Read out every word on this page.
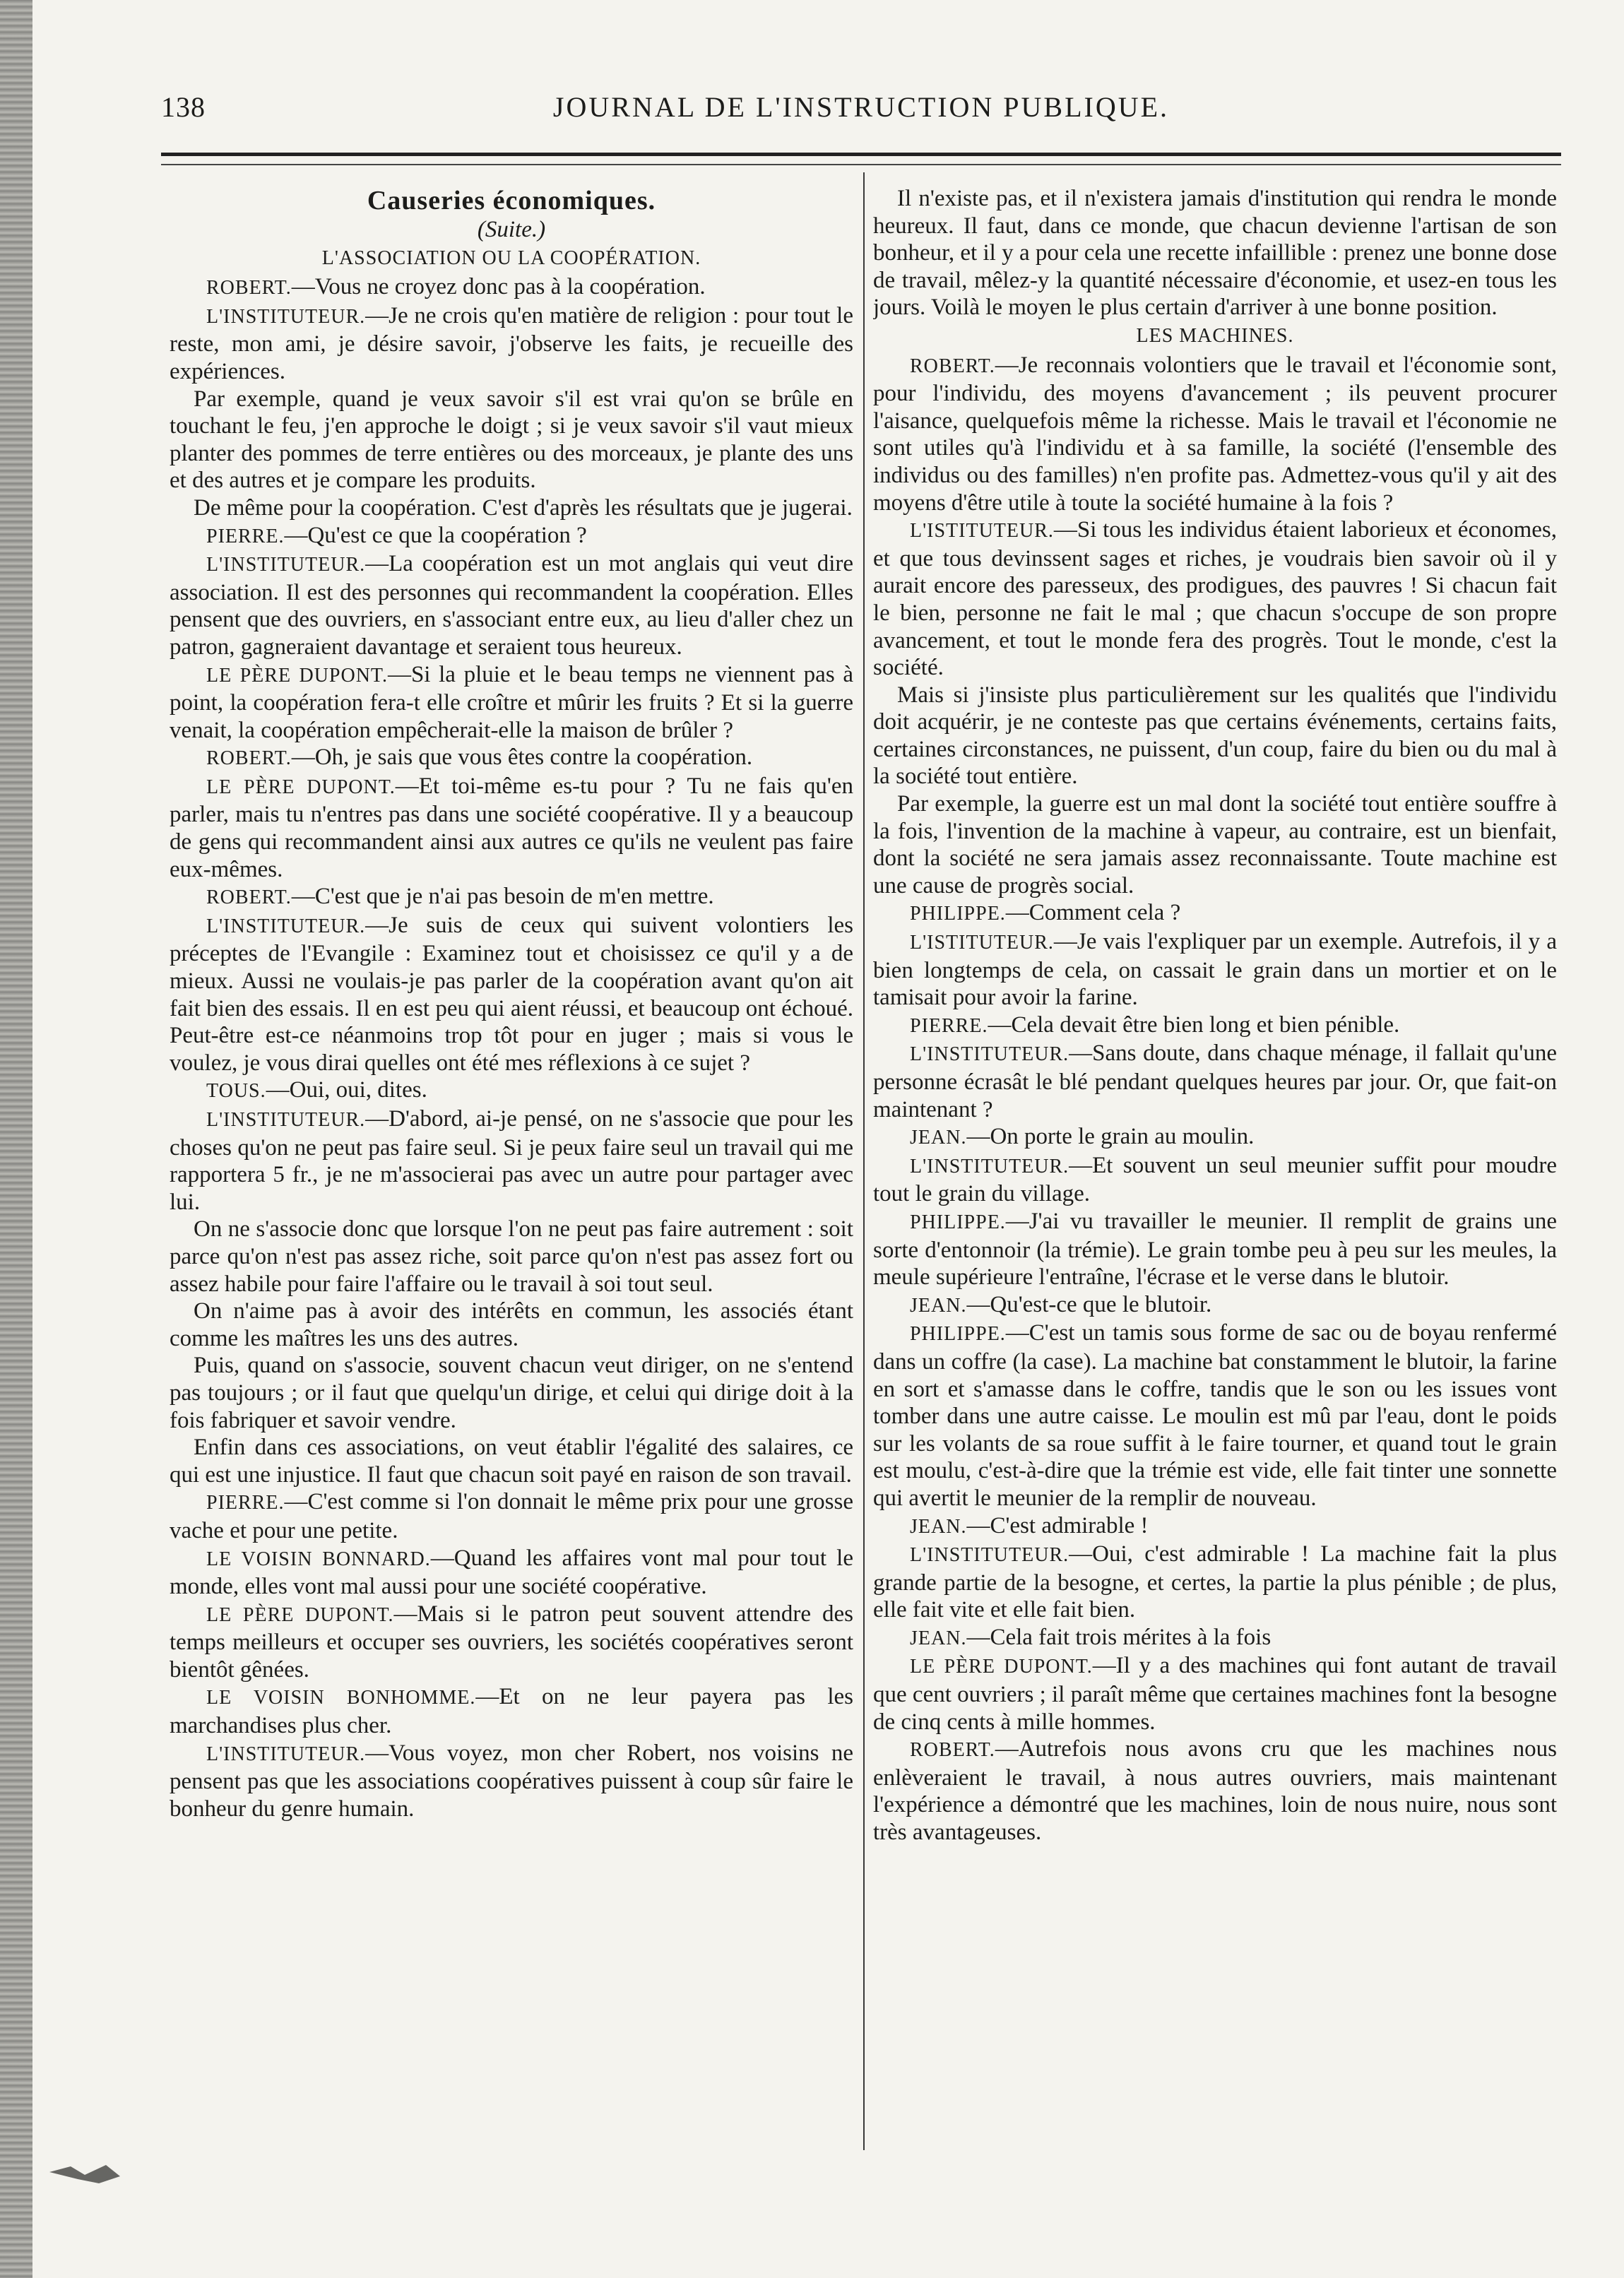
138	JOURNAL DE L'INSTRUCTION PUBLIQUE.
Causeries économiques.
(Suite.)
L'ASSOCIATION OU LA COOPÉRATION.

ROBERT.—Vous ne croyez donc pas à la coopération.

L'INSTITUTEUR.—Je ne crois qu'en matière de religion : pour tout le reste, mon ami, je désire savoir, j'observe les faits, je recueille des expériences.

Par exemple, quand je veux savoir s'il est vrai qu'on se brûle en touchant le feu, j'en approche le doigt ; si je veux savoir s'il vaut mieux planter des pommes de terre entières ou des morceaux, je plante des uns et des autres et je compare les produits.

De même pour la coopération. C'est d'après les résultats que je jugerai.

PIERRE.—Qu'est ce que la coopération ?

L'INSTITUTEUR.—La coopération est un mot anglais qui veut dire association. Il est des personnes qui recommandent la coopération. Elles pensent que des ouvriers, en s'associant entre eux, au lieu d'aller chez un patron, gagneraient davantage et seraient tous heureux.

LE PÈRE DUPONT.—Si la pluie et le beau temps ne viennent pas à point, la coopération fera-t elle croître et mûrir les fruits ? Et si la guerre venait, la coopération empêcherait-elle la maison de brûler ?

ROBERT.—Oh, je sais que vous êtes contre la coopération.

LE PÈRE DUPONT.—Et toi-même es-tu pour ? Tu ne fais qu'en parler, mais tu n'entres pas dans une société coopérative. Il y a beaucoup de gens qui recommandent ainsi aux autres ce qu'ils ne veulent pas faire eux-mêmes.

ROBERT.—C'est que je n'ai pas besoin de m'en mettre.

L'INSTITUTEUR.—Je suis de ceux qui suivent volontiers les préceptes de l'Evangile : Examinez tout et choisissez ce qu'il y a de mieux. Aussi ne voulais-je pas parler de la coopération avant qu'on ait fait bien des essais. Il en est peu qui aient réussi, et beaucoup ont échoué. Peut-être est-ce néanmoins trop tôt pour en juger ; mais si vous le voulez, je vous dirai quelles ont été mes réflexions à ce sujet ?

TOUS.—Oui, oui, dites.

L'INSTITUTEUR.—D'abord, ai-je pensé, on ne s'associe que pour les choses qu'on ne peut pas faire seul. Si je peux faire seul un travail qui me rapportera 5 fr., je ne m'associerai pas avec un autre pour partager avec lui.

On ne s'associe donc que lorsque l'on ne peut pas faire autrement : soit parce qu'on n'est pas assez riche, soit parce qu'on n'est pas assez fort ou assez habile pour faire l'affaire ou le travail à soi tout seul.

On n'aime pas à avoir des intérêts en commun, les associés étant comme les maîtres les uns des autres.

Puis, quand on s'associe, souvent chacun veut diriger, on ne s'entend pas toujours ; or il faut que quelqu'un dirige, et celui qui dirige doit à la fois fabriquer et savoir vendre.

Enfin dans ces associations, on veut établir l'égalité des salaires, ce qui est une injustice. Il faut que chacun soit payé en raison de son travail.

PIERRE.—C'est comme si l'on donnait le même prix pour une grosse vache et pour une petite.

LE VOISIN BONNARD.—Quand les affaires vont mal pour tout le monde, elles vont mal aussi pour une société coopérative.

LE PÈRE DUPONT.—Mais si le patron peut souvent attendre des temps meilleurs et occuper ses ouvriers, les sociétés coopératives seront bientôt gênées.

LE VOISIN BONHOMME.—Et on ne leur payera pas les marchandises plus cher.

L'INSTITUTEUR.—Vous voyez, mon cher Robert, nos voisins ne pensent pas que les associations coopératives puissent à coup sûr faire le bonheur du genre humain.

Il n'existe pas, et il n'existera jamais d'institution qui rendra le monde heureux. Il faut, dans ce monde, que chacun devienne l'artisan de son bonheur, et il y a pour cela une recette infaillible : prenez une bonne dose de travail, mêlez-y la quantité nécessaire d'économie, et usez-en tous les jours. Voilà le moyen le plus certain d'arriver à une bonne position.

LES MACHINES.

ROBERT.—Je reconnais volontiers que le travail et l'économie sont, pour l'individu, des moyens d'avancement ; ils peuvent procurer l'aisance, quelquefois même la richesse. Mais le travail et l'économie ne sont utiles qu'à l'individu et à sa famille, la société (l'ensemble des individus ou des familles) n'en profite pas. Admettez-vous qu'il y ait des moyens d'être utile à toute la société humaine à la fois ?

L'ISTITUTEUR.—Si tous les individus étaient laborieux et économes, et que tous devinssent sages et riches, je voudrais bien savoir où il y aurait encore des paresseux, des prodigues, des pauvres ! Si chacun fait le bien, personne ne fait le mal ; que chacun s'occupe de son propre avancement, et tout le monde fera des progrès. Tout le monde, c'est la société.

Mais si j'insiste plus particulièrement sur les qualités que l'individu doit acquérir, je ne conteste pas que certains événements, certains faits, certaines circonstances, ne puissent, d'un coup, faire du bien ou du mal à la société tout entière.

Par exemple, la guerre est un mal dont la société tout entière souffre à la fois, l'invention de la machine à vapeur, au contraire, est un bienfait, dont la société ne sera jamais assez reconnaissante. Toute machine est une cause de progrès social.

PHILIPPE.—Comment cela ?

L'ISTITUTEUR.—Je vais l'expliquer par un exemple. Autrefois, il y a bien longtemps de cela, on cassait le grain dans un mortier et on le tamisait pour avoir la farine.

PIERRE.—Cela devait être bien long et bien pénible.

L'INSTITUTEUR.—Sans doute, dans chaque ménage, il fallait qu'une personne écrasât le blé pendant quelques heures par jour. Or, que fait-on maintenant ?

JEAN.—On porte le grain au moulin.

L'INSTITUTEUR.—Et souvent un seul meunier suffit pour moudre tout le grain du village.

PHILIPPE.—J'ai vu travailler le meunier. Il remplit de grains une sorte d'entonnoir (la trémie). Le grain tombe peu à peu sur les meules, la meule supérieure l'entraîne, l'écrase et le verse dans le blutoir.

JEAN.—Qu'est-ce que le blutoir.

PHILIPPE.—C'est un tamis sous forme de sac ou de boyau renfermé dans un coffre (la case). La machine bat constamment le blutoir, la farine en sort et s'amasse dans le coffre, tandis que le son ou les issues vont tomber dans une autre caisse. Le moulin est mû par l'eau, dont le poids sur les volants de sa roue suffit à le faire tourner, et quand tout le grain est moulu, c'est-à-dire que la trémie est vide, elle fait tinter une sonnette qui avertit le meunier de la remplir de nouveau.

JEAN.—C'est admirable !

L'INSTITUTEUR.—Oui, c'est admirable ! La machine fait la plus grande partie de la besogne, et certes, la partie la plus pénible ; de plus, elle fait vite et elle fait bien.

JEAN.—Cela fait trois mérites à la fois

LE PÈRE DUPONT.—Il y a des machines qui font autant de travail que cent ouvriers ; il paraît même que certaines machines font la besogne de cinq cents à mille hommes.

ROBERT.—Autrefois nous avons cru que les machines nous enlèveraient le travail, à nous autres ouvriers, mais maintenant l'expérience a démontré que les machines, loin de nous nuire, nous sont très avantageuses.
